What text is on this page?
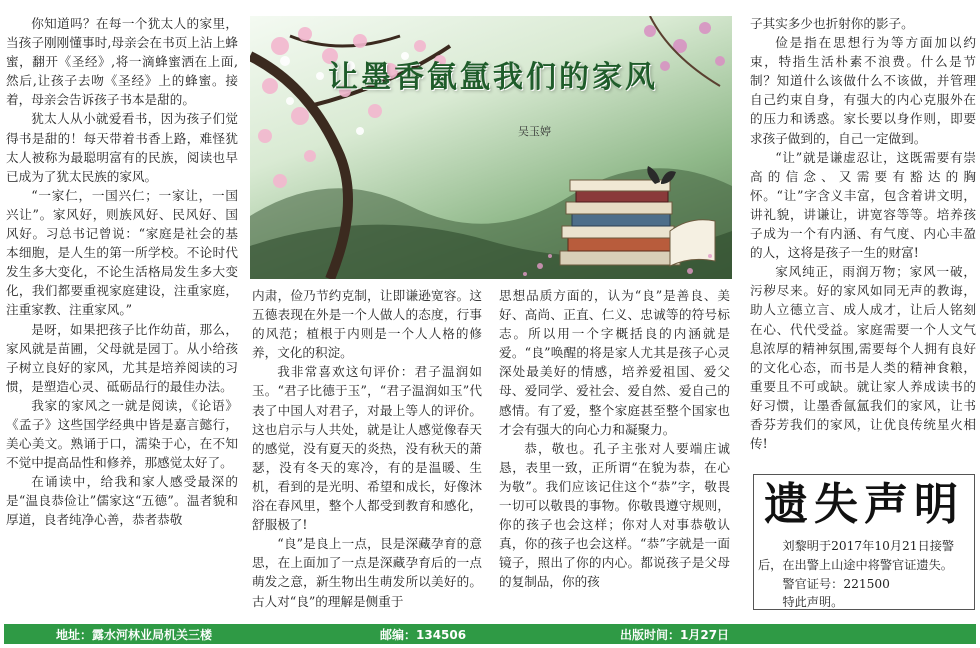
你知道吗？在每一个犹太人的家里，当孩子刚刚懂事时,母亲会在书页上沾上蜂蜜，翻开《圣经》,将一滴蜂蜜洒在上面,然后,让孩子去吻《圣经》上的蜂蜜。接着，母亲会告诉孩子书本是甜的。

犹太人从小就爱看书，因为孩子们觉得书是甜的！每天带着书香上路，难怪犹太人被称为最聪明富有的民族，阅读也早已成为了犹太民族的家风。

“一家仁，一国兴仁；一家让，一国兴让”。家风好，则族风好、民风好、国风好。习总书记曾说：“家庭是社会的基本细胞，是人生的第一所学校。不论时代发生多大变化，不论生活格局发生多大变化，我们都要重视家庭建设，注重家庭，注重家教、注重家风。”

是呀，如果把孩子比作幼苗，那么，家风就是苗圃，父母就是园丁。从小给孩子树立良好的家风，尤其是培养阅读的习惯，是塑造心灵、砥砺品行的最佳办法。

我家的家风之一就是阅读，《论语》《孟子》这些国学经典中皆是嘉言懿行，美心美文。熟诵于口，濡染于心，在不知不觉中提高品性和修养，那感觉太好了。

在诵读中，给我和家人感受最深的是“温良恭俭让”儒家这“五德”。温者貌和厚道，良者纯净心善，恭者恭敬

让墨香氤氲我们的家风
吴玉婷

内肃，俭乃节约克制，让即谦逊宽容。这五德表现在外是一个人做人的态度，行事的风范；植根于内则是一个人人格的修养，文化的积淀。

我非常喜欢这句评价：君子温润如玉。“君子比德于玉”，“君子温润如玉”代表了中国人对君子，对最上等人的评价。这也启示与人共处，就是让人感觉像春天的感觉，没有夏天的炎热，没有秋天的萧瑟，没有冬天的寒冷，有的是温暖、生机，看到的是光明、希望和成长，好像沐浴在春风里，整个人都受到教育和感化，舒服极了!

“良”是良上一点，艮是深藏孕育的意思，在上面加了一点是深藏孕育后的一点萌发之意，新生物出生萌发所以美好的。古人对“良”的理解是侧重于

思想品质方面的，认为“良”是善良、美好、高尚、正直、仁义、忠诚等的符号标志。所以用一个字概括良的内涵就是爱。“良”唤醒的将是家人尤其是孩子心灵深处最美好的情感，培养爱祖国、爱父母、爱同学、爱社会、爱自然、爱自己的感情。有了爱，整个家庭甚至整个国家也才会有强大的向心力和凝聚力。

恭，敬也。孔子主张对人要端庄诚恳，表里一致，正所谓“在貌为恭，在心为敬”。我们应该记住这个“恭”字，敬畏一切可以敬畏的事物。你敬畏遵守规则，你的孩子也会这样；你对人对事恭敬认真，你的孩子也会这样。“恭”字就是一面镜子，照出了你的内心。都说孩子是父母的复制品，你的孩

子其实多少也折射你的影子。

俭是指在思想行为等方面加以约束，特指生活朴素不浪费。什么是节制？知道什么该做什么不该做，并管理自己约束自身，有强大的内心克服外在的压力和诱惑。家长要以身作则，即要求孩子做到的，自己一定做到。

“让”就是谦虚忍让，这既需要有崇高的信念、又需要有豁达的胸怀。“让”字含义丰富，包含着讲文明，讲礼貌，讲谦让，讲宽容等等。培养孩子成为一个有内涵、有气度、内心丰盈的人，这将是孩子一生的财富!

家风纯正，雨润万物；家风一破，污秽尽来。好的家风如同无声的教诲，助人立德立言、成人成才，让后人铭刻在心、代代受益。家庭需要一个人文气息浓厚的精神氛围,需要每个人拥有良好的文化心态，而书是人类的精神食粮，重要且不可或缺。就让家人养成读书的好习惯，让墨香氤氲我们的家风，让书香芬芳我们的家风，让优良传统星火相传!

遗失声明

刘黎明于2017年10月21日接警后，在出警上山途中将警官证遗失。

警官证号：221500

特此声明。

地址：露水河林业局机关三楼	邮编：134506	出版时间：1月27日
